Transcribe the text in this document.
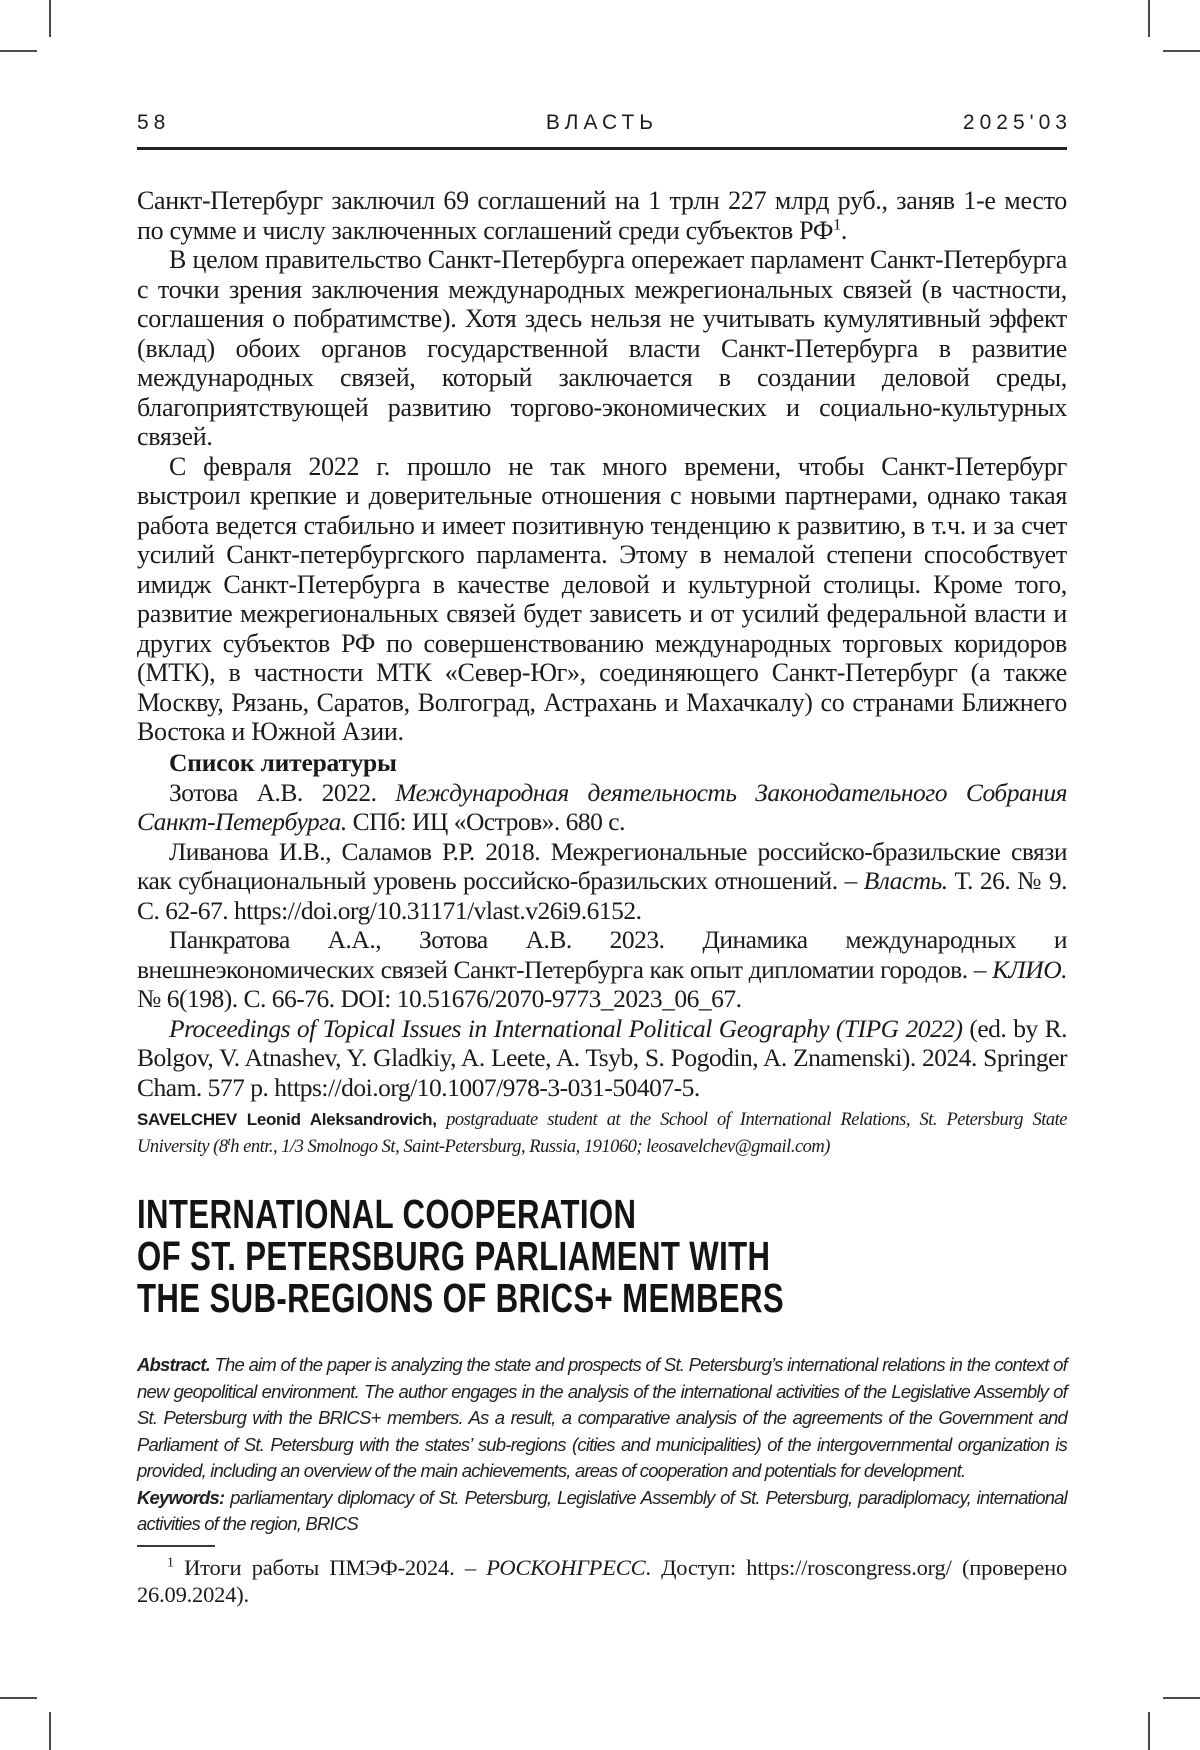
58	ВЛАСТЬ	2025'03

Санкт-Петербург заключил 69 соглашений на 1 трлн 227 млрд руб., заняв 1-е место по сумме и числу заключенных соглашений среди субъектов $РФ^1$.

В целом правительство Санкт-Петербурга опережает парламент Санкт-Петербурга с точки зрения заключения международных межрегиональных связей (в частности, соглашения о побратимстве). Хотя здесь нельзя не учитывать кумулятивный эффект (вклад) обоих органов государственной власти Санкт-Петербурга в развитие международных связей, который заключается в создании деловой среды, благоприятствующей развитию торгово-экономических и социально-культурных связей.

С февраля 2022 г. прошло не так много времени, чтобы Санкт-Петербург выстроил крепкие и доверительные отношения с новыми партнерами, однако такая работа ведется стабильно и имеет позитивную тенденцию к развитию, в т.ч. и за счет усилий Санкт-петербургского парламента. Этому в немалой степени способствует имидж Санкт-Петербурга в качестве деловой и культурной столицы. Кроме того, развитие межрегиональных связей будет зависеть и от усилий федеральной власти и других субъектов РФ по совершенствованию международных торговых коридоров (МТК), в частности МТК «Север-Юг», соединяющего Санкт-Петербург (а также Москву, Рязань, Саратов, Волгоград, Астрахань и Махачкалу) со странами Ближнего Востока и Южной Азии.

Список литературы

Зотова А.В. 2022. Международная деятельность Законодательного Собрания Санкт-Петербурга. СПб: ИЦ «Остров». 680 с.

Ливанова И.В., Саламов Р.Р. 2018. Межрегиональные российско-бразильские связи как субнациональный уровень российско-бразильских отношений. – Власть. Т. 26. № 9. С. 62-67. https://doi.org/10.31171/vlast.v26i9.6152.

Панкратова А.А., Зотова А.В. 2023. Динамика международных и внешнеэкономических связей Санкт-Петербурга как опыт дипломатии городов. – КЛИО. № 6(198). С. 66-76. DOI: 10.51676/2070-9773_2023_06_67.

Proceedings of Topical Issues in International Political Geography (TIPG 2022) (ed. by R. Bolgov, V. Atnashev, Y. Gladkiy, A. Leete, A. Tsyb, S. Pogodin, A. Znamenski). 2024. Springer Cham. 577 p. https://doi.org/10.1007/978-3-031-50407-5.

SAVELCHEV Leonid Aleksandrovich, postgraduate student at the School of International Relations, St. Petersburg State University (8$^t$h entr., 1/3 Smolnogo St, Saint-Petersburg, Russia, 191060; leosavelchev@gmail.com)

INTERNATIONAL COOPERATION
OF ST. PETERSBURG PARLIAMENT WITH
THE SUB-REGIONS OF BRICS+ MEMBERS

Abstract. The aim of the paper is analyzing the state and prospects of St. Petersburg’s international relations in the context of new geopolitical environment. The author engages in the analysis of the international activities of the Legislative Assembly of St. Petersburg with the BRICS+ members. As a result, a comparative analysis of the agreements of the Government and Parliament of St. Petersburg with the states’ sub-regions (cities and municipalities) of the intergovernmental organization is provided, including an overview of the main achievements, areas of cooperation and potentials for development.

Keywords: parliamentary diplomacy of St. Petersburg, Legislative Assembly of St. Petersburg, paradiplomacy, international activities of the region, BRICS

$^1$ Итоги работы ПМЭФ-2024. – РОСКОНГРЕСС. Доступ: https://roscongress.org/ (проверено 26.09.2024).
